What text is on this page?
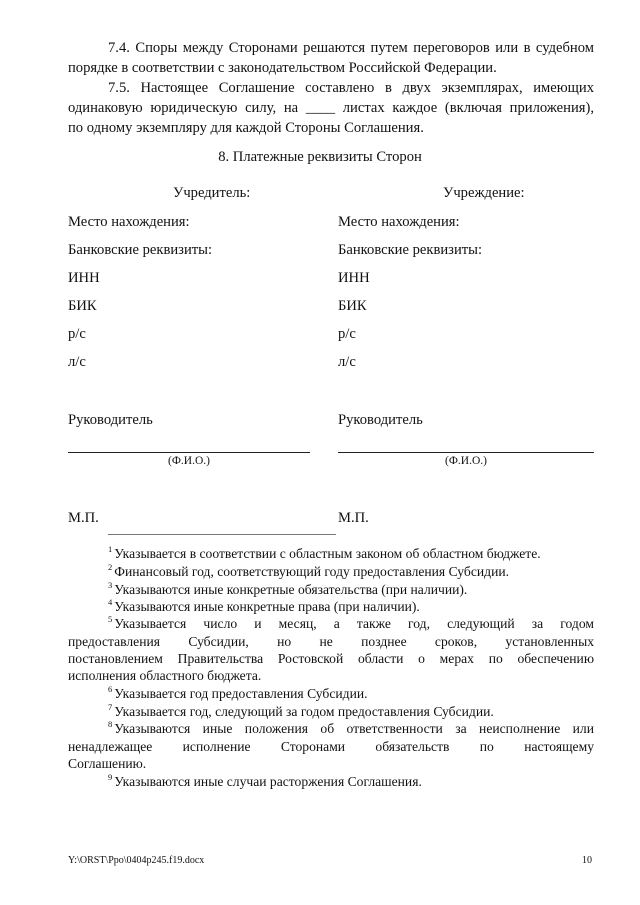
7.4. Споры между Сторонами решаются путем переговоров или в судебном
порядке в соответствии с законодательством Российской Федерации.
7.5. Настоящее Соглашение составлено в двух экземплярах, имеющих
одинаковую юридическую силу, на ____ листах каждое (включая приложения),
по одному экземпляру для каждой Стороны Соглашения.
8. Платежные реквизиты Сторон
Учредитель:
Место нахождения:
Банковские реквизиты:
ИНН
БИК
р/с
л/с
Руководитель
(Ф.И.О.)
М.П.
Учреждение:
Место нахождения:
Банковские реквизиты:
ИНН
БИК
р/с
л/с
Руководитель
(Ф.И.О.)
М.П.
$^1$ Указывается в соответствии с областным законом об областном бюджете.
$^2$ Финансовый год, соответствующий году предоставления Субсидии.
$^3$ Указываются иные конкретные обязательства (при наличии).
$^4$ Указываются иные конкретные права (при наличии).
$^5$ Указывается число и месяц, а также год, следующий за годом
предоставления Субсидии, но не позднее сроков, установленных
постановлением Правительства Ростовской области о мерах по обеспечению
исполнения областного бюджета.
$^6$ Указывается год предоставления Субсидии.
$^7$ Указывается год, следующий за годом предоставления Субсидии.
$^8$ Указываются иные положения об ответственности за неисполнение или
ненадлежащее исполнение Сторонами обязательств по настоящему
Соглашению.
$^9$ Указываются иные случаи расторжения Соглашения.
Y:\ORST\Ppo\0404p245.f19.docx	10
